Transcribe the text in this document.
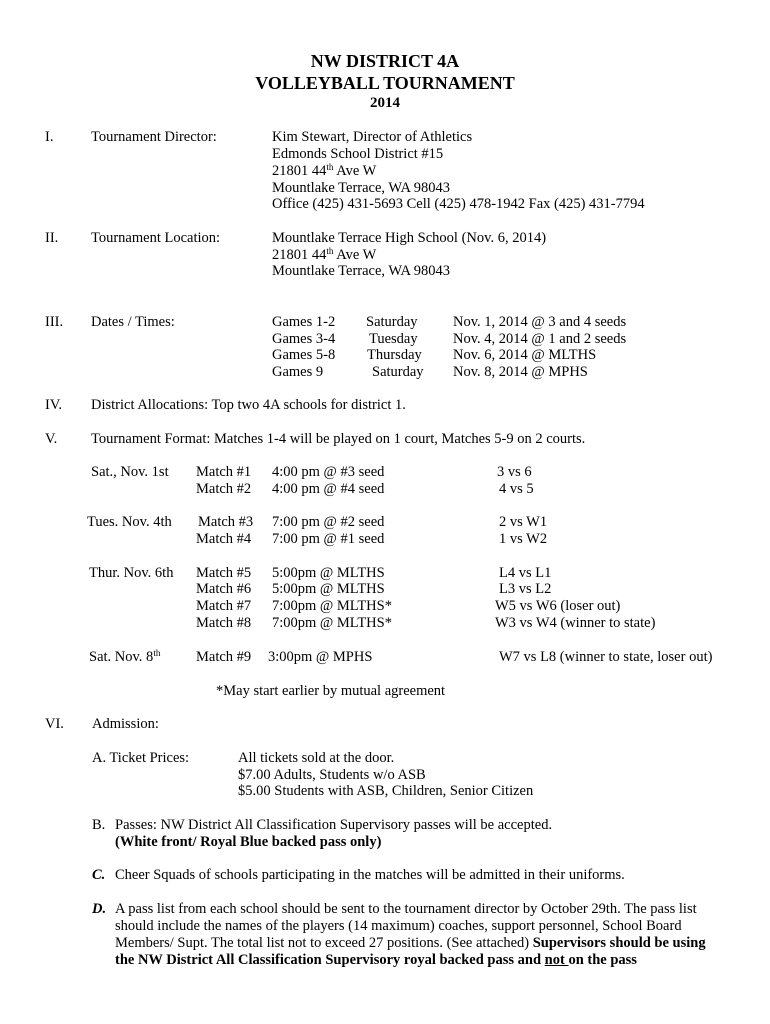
NW DISTRICT 4A
VOLLEYBALL TOURNAMENT
2014
I.	Tournament Director:	Kim Stewart, Director of Athletics
Edmonds School District #15
21801 44th Ave W
Mountlake Terrace, WA 98043
Office (425) 431-5693 Cell (425) 478-1942 Fax (425) 431-7794
II. Tournament Location:	Mountlake Terrace High School (Nov. 6, 2014)
21801 44th Ave W
Mountlake Terrace, WA 98043
III. Dates / Times:	Games 1-2 Saturday Nov. 1, 2014 @ 3 and 4 seeds
Games 3-4 Tuesday Nov. 4, 2014 @ 1 and 2 seeds
Games 5-8 Thursday Nov. 6, 2014 @ MLTHS
Games 9	Saturday Nov. 8, 2014 @ MPHS
IV. District Allocations: Top two 4A schools for district 1.
V. Tournament Format: Matches 1-4 will be played on 1 court, Matches 5-9 on 2 courts.
Sat., Nov. 1st Match #1 4:00 pm @ #3 seed	3 vs 6
Match #2 4:00 pm @ #4 seed	4 vs 5
Tues. Nov. 4th Match #3 7:00 pm @ #2 seed	2 vs W1
Match #4 7:00 pm @ #1 seed	1 vs W2
Thur. Nov. 6th Match #5 5:00pm @ MLTHS	L4 vs L1
Match #6 5:00pm @ MLTHS	L3 vs L2
Match #7 7:00pm @ MLTHS*	W5 vs W6 (loser out)
Match #8 7:00pm @ MLTHS*	W3 vs W4 (winner to state)
Sat. Nov. 8th Match #9 3:00pm @ MPHS	W7 vs L8 (winner to state, loser out)
*May start earlier by mutual agreement
VI. Admission:
A. Ticket Prices:	All tickets sold at the door.
$7.00 Adults, Students w/o ASB
$5.00 Students with ASB, Children, Senior Citizen
B. Passes: NW District All Classification Supervisory passes will be accepted.
(White front/ Royal Blue backed pass only)
C. Cheer Squads of schools participating in the matches will be admitted in their uniforms.
D. A pass list from each school should be sent to the tournament director by October 29th. The pass list should include the names of the players (14 maximum) coaches, support personnel, School Board Members/ Supt. The total list not to exceed 27 positions. (See attached) Supervisors should be using the NW District All Classification Supervisory royal backed pass and not on the pass
